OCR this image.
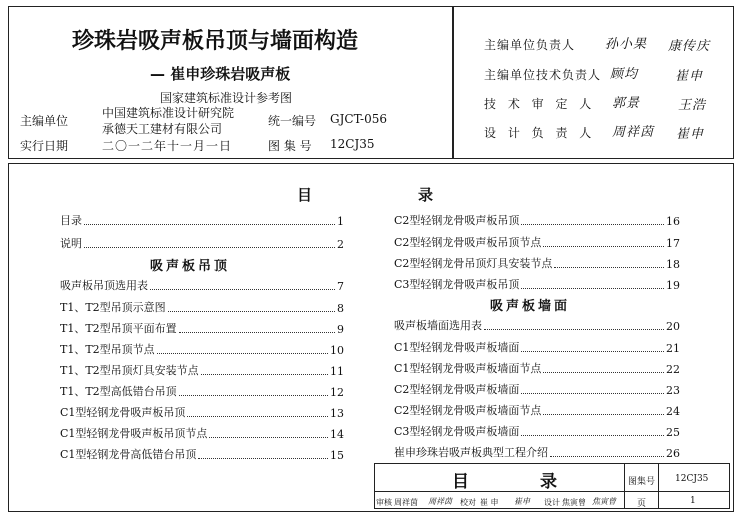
珍珠岩吸声板吊顶与墙面构造
— 崔申珍珠岩吸声板
国家建筑标准设计参考图
主编单位
中国建筑标准设计研究院
承德天工建材有限公司
统一编号 GJCT-056
实行日期	二〇一二年十一月一日	图 集 号 12CJ35
主编单位负责人 孙小果 康传庆
主编单位技术负责人 顾均	崔申
技 术 审 定 人 郭景	王浩
设 计 负 责 人 周祥茵 崔申
目	录
目录	1
说明	2
吸声板吊顶
吸声板吊顶选用表	7
T1、T2型吊顶示意图	8
T1、T2型吊顶平面布置	9
T1、T2型吊顶节点	10
T1、T2型吊顶灯具安装节点	11
T1、T2型高低错台吊顶	12
C1型轻钢龙骨吸声板吊顶	13
C1型轻钢龙骨吸声板吊顶节点	14
C1型轻钢龙骨高低错台吊顶	15
C2型轻钢龙骨吸声板吊顶	16
C2型轻钢龙骨吸声板吊顶节点	17
C2型轻钢龙骨吊顶灯具安装节点	18
C3型轻钢龙骨吸声板吊顶	19
吸声板墙面
吸声板墙面选用表	20
C1型轻钢龙骨吸声板墙面	21
C1型轻钢龙骨吸声板墙面节点	22
C2型轻钢龙骨吸声板墙面	23
C2型轻钢龙骨吸声板墙面节点	24
C3型轻钢龙骨吸声板墙面	25
崔申珍珠岩吸声板典型工程介绍	26
目	录	图集号 12CJ35
页	1
审核 周祥茵 周祥茵 校对 崔 申 崔申 设计 焦寅曾 焦寅曾
